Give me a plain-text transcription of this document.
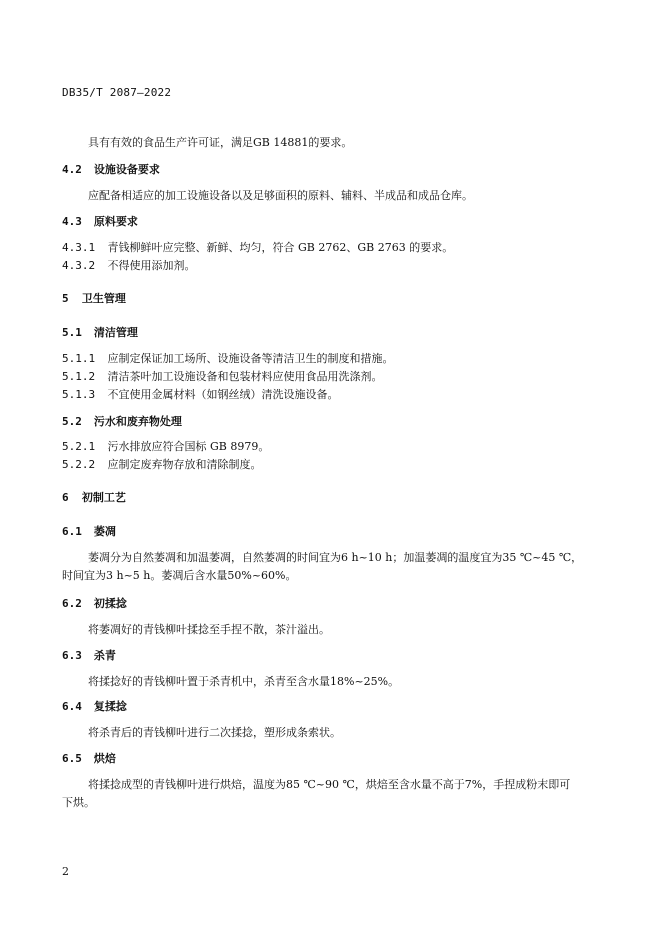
DB35/T 2087—2022
具有有效的食品生产许可证，满足GB 14881的要求。
4.2 设施设备要求
应配备相适应的加工设施设备以及足够面积的原料、辅料、半成品和成品仓库。
4.3 原料要求
4.3.1 青钱柳鲜叶应完整、新鲜、均匀，符合 GB 2762、GB 2763 的要求。
4.3.2 不得使用添加剂。
5 卫生管理
5.1 清洁管理
5.1.1 应制定保证加工场所、设施设备等清洁卫生的制度和措施。
5.1.2 清洁茶叶加工设施设备和包装材料应使用食品用洗涤剂。
5.1.3 不宜使用金属材料（如钢丝绒）清洗设施设备。
5.2 污水和废弃物处理
5.2.1 污水排放应符合国标 GB 8979。
5.2.2 应制定废弃物存放和清除制度。
6 初制工艺
6.1 萎凋
萎凋分为自然萎凋和加温萎凋，自然萎凋的时间宜为6 h~10 h；加温萎凋的温度宜为35 ℃~45 ℃，
时间宜为3 h~5 h。萎凋后含水量50%~60%。
6.2 初揉捻
将萎凋好的青钱柳叶揉捻至手捏不散，茶汁溢出。
6.3 杀青
将揉捻好的青钱柳叶置于杀青机中，杀青至含水量18%~25%。
6.4 复揉捻
将杀青后的青钱柳叶进行二次揉捻，塑形成条索状。
6.5 烘焙
将揉捻成型的青钱柳叶进行烘焙，温度为85 ℃~90 ℃，烘焙至含水量不高于7%，手捏成粉末即可
下烘。
2
